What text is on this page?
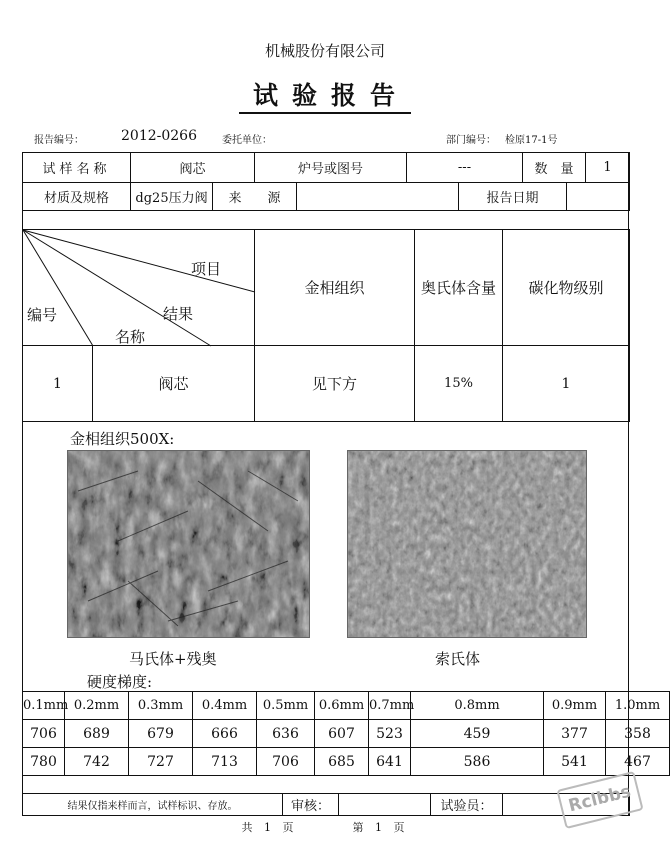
机械股份有限公司
试验报告
报告编号：	2012-0266	委托单位：	部门编号： 检原17-1号
试样名称	阀芯	炉号或图号	---	数　量	1
材质及规格	dg25压力阀	来　　源		报告日期	
项目
结果
编号
名称		金相组织	奥氏体含量	碳化物级别
1	阀芯	见下方	15%	1
金相组织500X:
马氏体+残奥	索氏体
硬度梯度:
0.1mm	0.2mm	0.3mm	0.4mm	0.5mm	0.6mm	0.7mm	0.8mm	0.9mm	1.0mm
706	689	679	666	636	607	523	459	377	358
780	742	727	713	706	685	641	586	541	467
结果仅指来样而言，试样标识、存放。	审核：		试验员：	
共 1 页	第 1 页
Rclbbs
